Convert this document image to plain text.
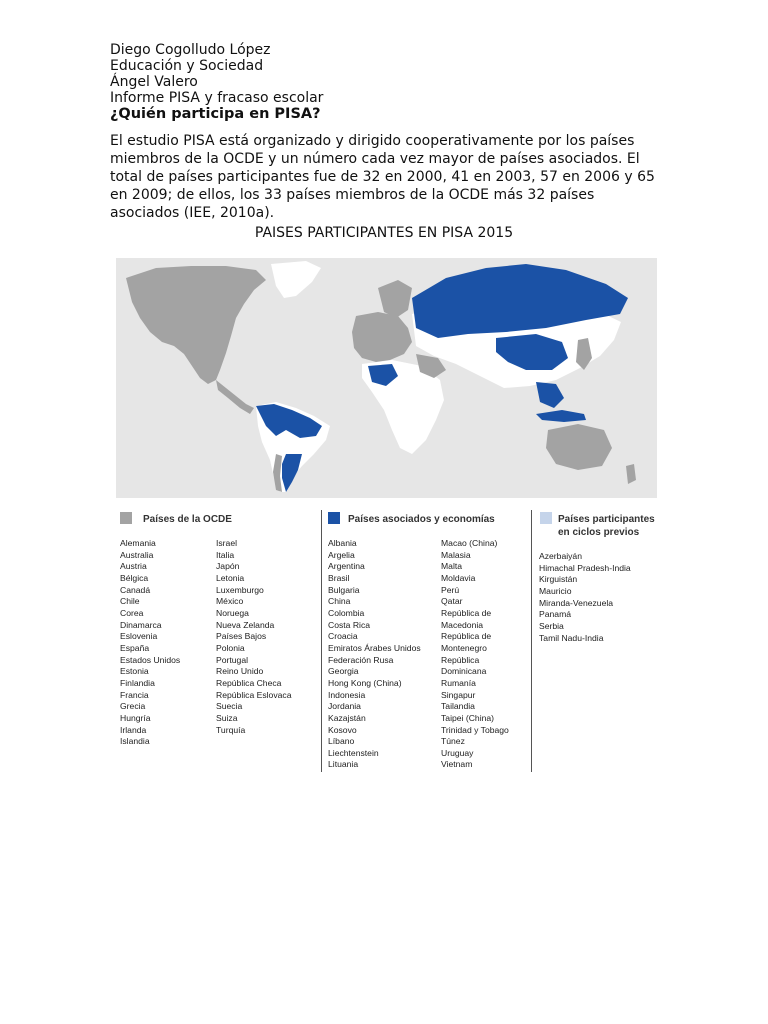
Diego Cogolludo López
Educación y Sociedad
Ángel Valero
Informe PISA y fracaso escolar
¿Quién participa en PISA?
El estudio PISA está organizado y dirigido cooperativamente por los países miembros de la OCDE y un número cada vez mayor de países asociados. El total de países participantes fue de 32 en 2000, 41 en 2003, 57 en 2006 y 65 en 2009; de ellos, los 33 países miembros de la OCDE más 32 países asociados (IEE, 2010a).
PAISES PARTICIPANTES EN PISA 2015
Países de la OCDE
Alemania
Australia
Austria
Bélgica
Canadá
Chile
Corea
Dinamarca
Eslovenia
España
Estados Unidos
Estonia
Finlandia
Francia
Grecia
Hungría
Irlanda
Islandia
Israel
Italia
Japón
Letonia
Luxemburgo
México
Noruega
Nueva Zelanda
Países Bajos
Polonia
Portugal
Reino Unido
República Checa
República Eslovaca
Suecia
Suiza
Turquía
Países asociados y economías
Albania
Argelia
Argentina
Brasil
Bulgaria
China
Colombia
Costa Rica
Croacia
Emiratos Árabes Unidos
Federación Rusa
Georgia
Hong Kong (China)
Indonesia
Jordania
Kazajstán
Kosovo
Líbano
Liechtenstein
Lituania
Macao (China)
Malasia
Malta
Moldavia
Perú
Qatar
República de
Macedonia
República de
Montenegro
República
Dominicana
Rumanía
Singapur
Tailandia
Taipei (China)
Trinidad y Tobago
Túnez
Uruguay
Vietnam
Países participantes
en ciclos previos
Azerbaiyán
Himachal Pradesh-India
Kirguistán
Mauricio
Miranda-Venezuela
Panamá
Serbia
Tamil Nadu-India
